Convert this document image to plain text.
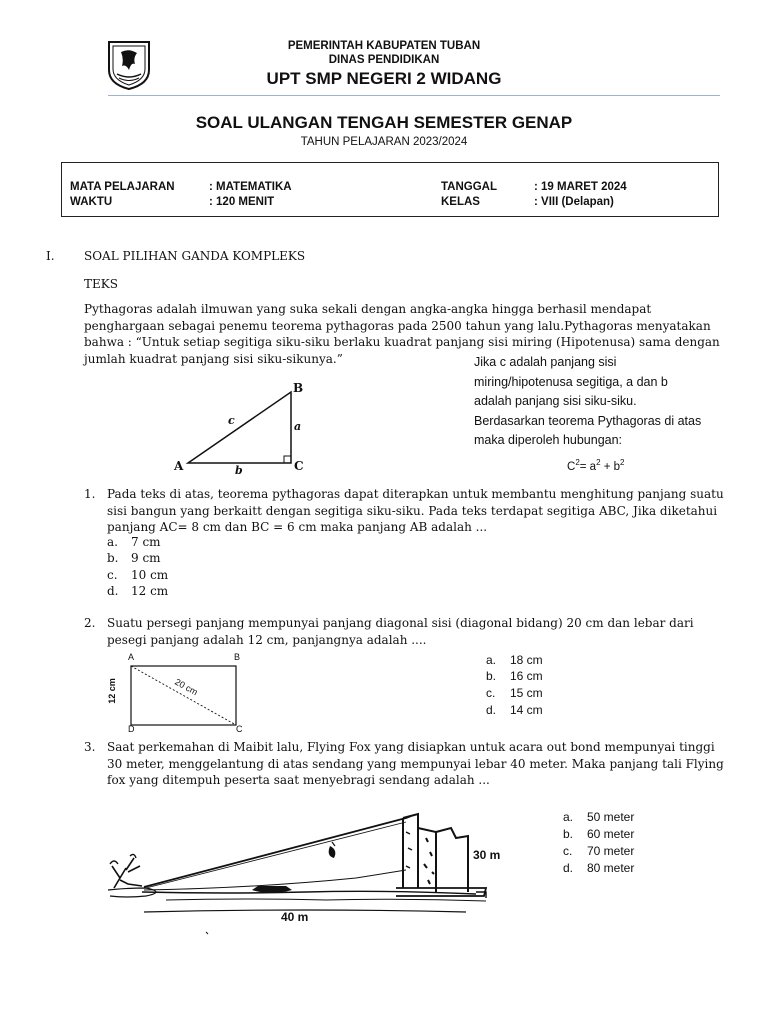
PEMERINTAH KABUPATEN TUBAN
DINAS PENDIDIKAN
UPT SMP NEGERI 2 WIDANG
SOAL ULANGAN TENGAH SEMESTER GENAP
TAHUN PELAJARAN 2023/2024
MATA PELAJARAN	: MATEMATIKA
WAKTU	: 120 MENIT
TANGGAL	: 19 MARET 2024
KELAS	: VIII (Delapan)
I. SOAL PILIHAN GANDA KOMPLEKS
TEKS
Pythagoras adalah ilmuwan yang suka sekali dengan angka-angka hingga berhasil mendapat penghargaan sebagai penemu teorema pythagoras pada 2500 tahun yang lalu.Pythagoras menyatakan bahwa : “Untuk setiap segitiga siku-siku berlaku kuadrat panjang sisi miring (Hipotenusa) sama dengan jumlah kuadrat panjang sisi siku-sikunya.”
B
A	C
c	a
b
Jika c adalah panjang sisi miring/hipotenusa segitiga, a dan b adalah panjang sisi siku-siku. Berdasarkan teorema Pythagoras di atas maka diperoleh hubungan:
$C^2= a^2 + b^2$
1. Pada teks di atas, teorema pythagoras dapat diterapkan untuk membantu menghitung panjang suatu sisi bangun yang berkaitt dengan segitiga siku-siku. Pada teks terdapat segitiga ABC, Jika diketahui panjang AC= 8 cm dan BC = 6 cm maka panjang AB adalah ...
a. 7 cm
b. 9 cm
c. 10 cm
d. 12 cm
2. Suatu persegi panjang mempunyai panjang diagonal sisi (diagonal bidang) 20 cm dan lebar dari pesegi panjang adalah 12 cm, panjangnya adalah ....
A	B
D	C
12 cm	20 cm
a. 18 cm
b. 16 cm
c. 15 cm
d. 14 cm
3. Saat perkemahan di Maibit lalu, Flying Fox yang disiapkan untuk acara out bond mempunyai tinggi 30 meter, menggelantung di atas sendang yang mempunyai lebar 40 meter. Maka panjang tali Flying fox yang ditempuh peserta saat menyebragi sendang adalah ...
30 m
40 m
a. 50 meter
b. 60 meter
c. 70 meter
d. 80 meter
